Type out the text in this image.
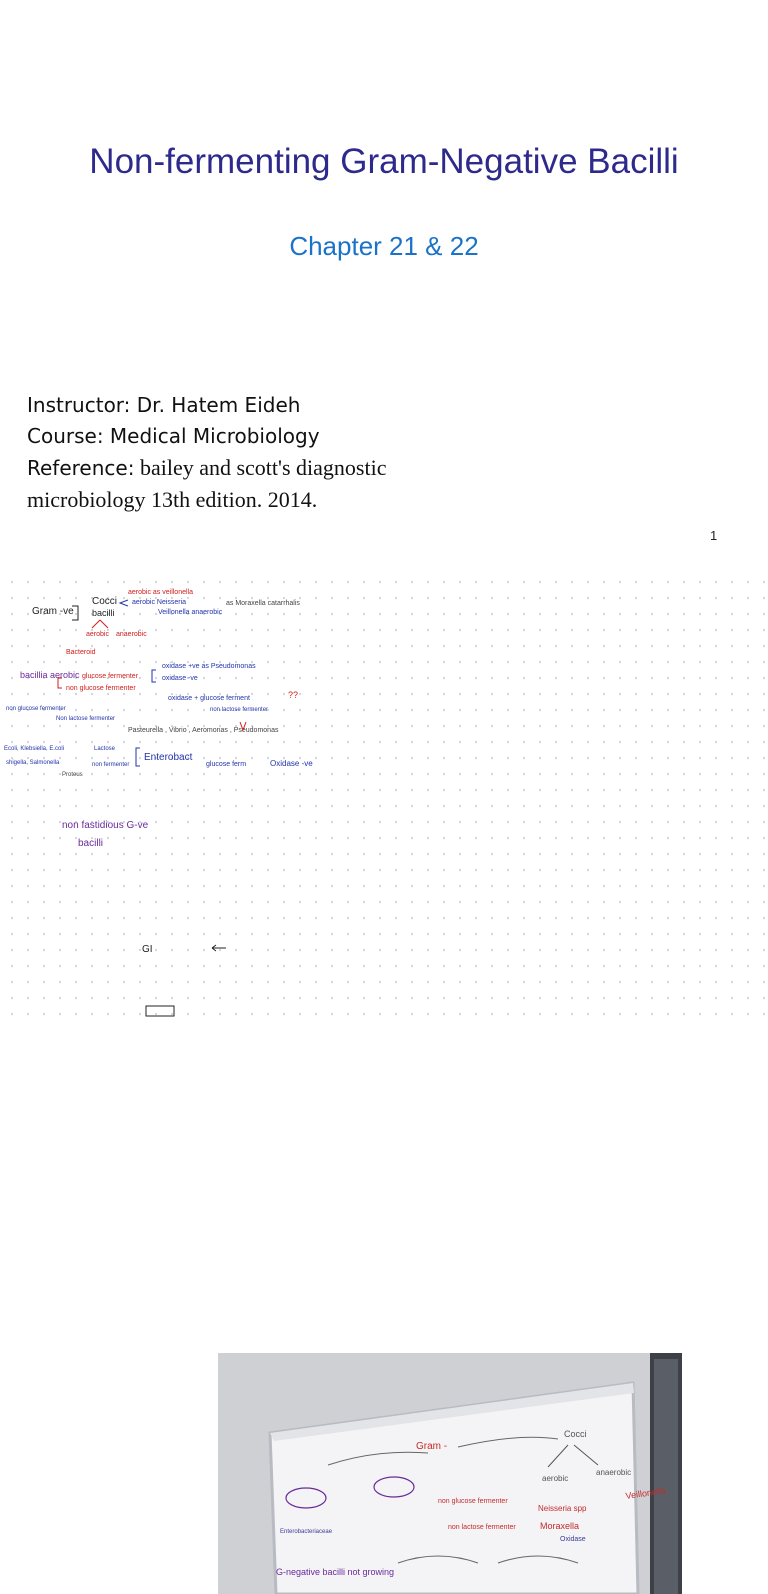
Non-fermenting Gram-Negative Bacilli
Chapter 21 & 22
Instructor: Dr. Hatem Eideh
Course: Medical Microbiology
Reference: bailey and scott's diagnostic
microbiology 13th edition. 2014.
1
Gram -ve
Cocci
bacilli
aerobic as veillonella
aerobic Neisseria	as Moraxella catarrhalis
Veillonella anaerobic
aerobic anaerobic
Bacteroid
bacillia aerobic glucose fermenter
non glucose fermenter
oxidase +ve as Pseudomonas
oxidase -ve
oxidase + glucose ferment	??
non lactose fermenter
non glucose fermenter
Non lactose fermenter
Pasteurella , Vibrio , Aeromonas , Pseudomonas
Ecoli, Klebsiella, E.coli	Lactose
shigella, Salmonella	non fermenter
Proteus
Enterobact
glucose ferm	Oxidase -ve
non fastidious G-ve
bacilli
GI
Gram -
Cocci
aerobic
anaerobic
Veillonella
Neisseria spp
Moraxella
Oxidase
non glucose fermenter
non lactose fermenter
Enterobacteriaceae
G-negative bacilli not growing
